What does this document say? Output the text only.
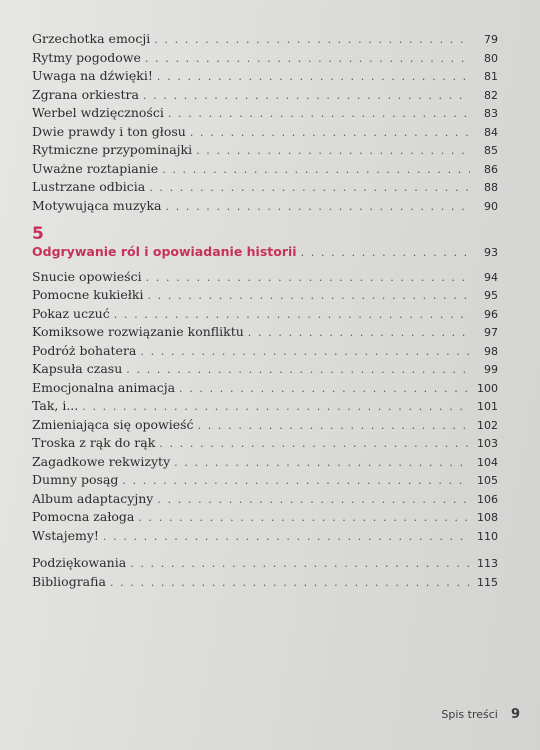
Grzechotka emocji . . .	79
Rytmy pogodowe . . .	80
Uwaga na dźwięki! . . .	81
Zgrana orkiestra . . .	82
Werbel wdzięczności . . .	83
Dwie prawdy i ton głosu . . .	84
Rytmiczne przypominajki . . .	85
Uważne roztapianie . . .	86
Lustrzane odbicia . . .	88
Motywująca muzyka . . .	90
5
Odgrywanie ról i opowiadanie historii . . .	93
Snucie opowieści . . .	94
Pomocne kukiełki . . .	95
Pokaz uczuć . . .	96
Komiksowe rozwiązanie konfliktu . . .	97
Podróż bohatera . . .	98
Kapsuła czasu . . .	99
Emocjonalna animacja . . .	100
Tak, i... . . .	101
Zmieniająca się opowieść . . .	102
Troska z rąk do rąk . . .	103
Zagadkowe rekwizyty . . .	104
Dumny posąg . . .	105
Album adaptacyjny . . .	106
Pomocna załoga . . .	108
Wstajemy! . . .	110
Podziękowania . . .	113
Bibliografia . . .	115
Spis treści 9
